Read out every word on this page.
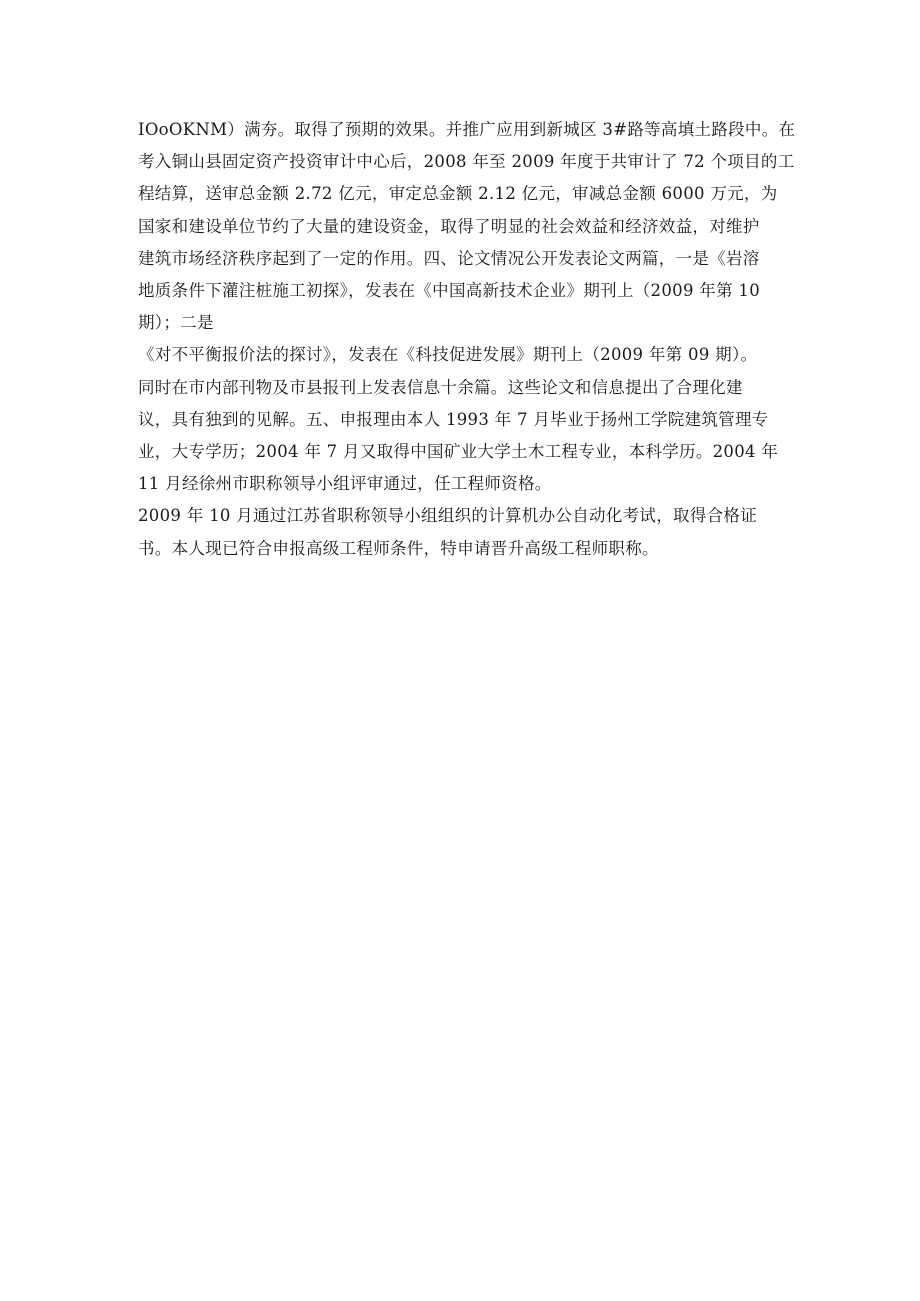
IOoOKNM）满夯。取得了预期的效果。并推广应用到新城区 3#路等高填土路段中。在
考入铜山县固定资产投资审计中心后，2008 年至 2009 年度于共审计了 72 个项目的工
程结算，送审总金额 2.72 亿元，审定总金额 2.12 亿元，审减总金额 6000 万元，为
国家和建设单位节约了大量的建设资金，取得了明显的社会效益和经济效益，对维护
建筑市场经济秩序起到了一定的作用。四、论文情况公开发表论文两篇，一是《岩溶
地质条件下灌注桩施工初探》，发表在《中国高新技术企业》期刊上（2009 年第 10
期）；二是
《对不平衡报价法的探讨》，发表在《科技促进发展》期刊上（2009 年第 09 期）。
同时在市内部刊物及市县报刊上发表信息十余篇。这些论文和信息提出了合理化建
议，具有独到的见解。五、申报理由本人 1993 年 7 月毕业于扬州工学院建筑管理专
业，大专学历；2004 年 7 月又取得中国矿业大学土木工程专业，本科学历。2004 年
11 月经徐州市职称领导小组评审通过，任工程师资格。
2009 年 10 月通过江苏省职称领导小组组织的计算机办公自动化考试，取得合格证
书。本人现已符合申报高级工程师条件，特申请晋升高级工程师职称。
